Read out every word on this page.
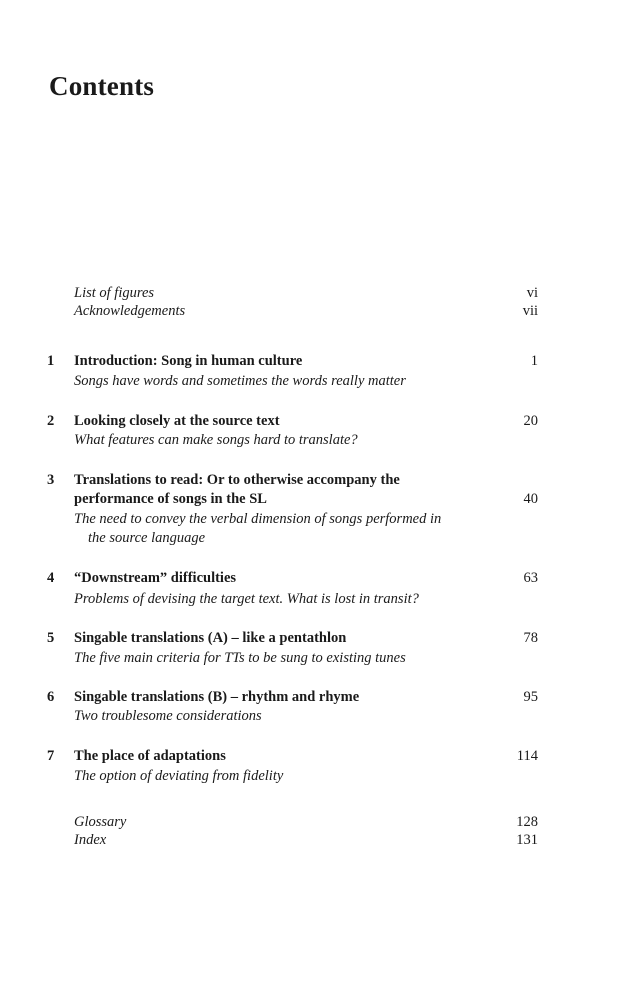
Contents
List of figures	vi
Acknowledgements	vii
1 Introduction: Song in human culture	1
Songs have words and sometimes the words really matter
2 Looking closely at the source text	20
What features can make songs hard to translate?
3 Translations to read: Or to otherwise accompany the
performance of songs in the SL	40
The need to convey the verbal dimension of songs performed in
the source language
4 “Downstream” difficulties	63
Problems of devising the target text. What is lost in transit?
5 Singable translations (A) – like a pentathlon	78
The five main criteria for TTs to be sung to existing tunes
6 Singable translations (B) – rhythm and rhyme	95
Two troublesome considerations
7 The place of adaptations	114
The option of deviating from fidelity
Glossary	128
Index	131
